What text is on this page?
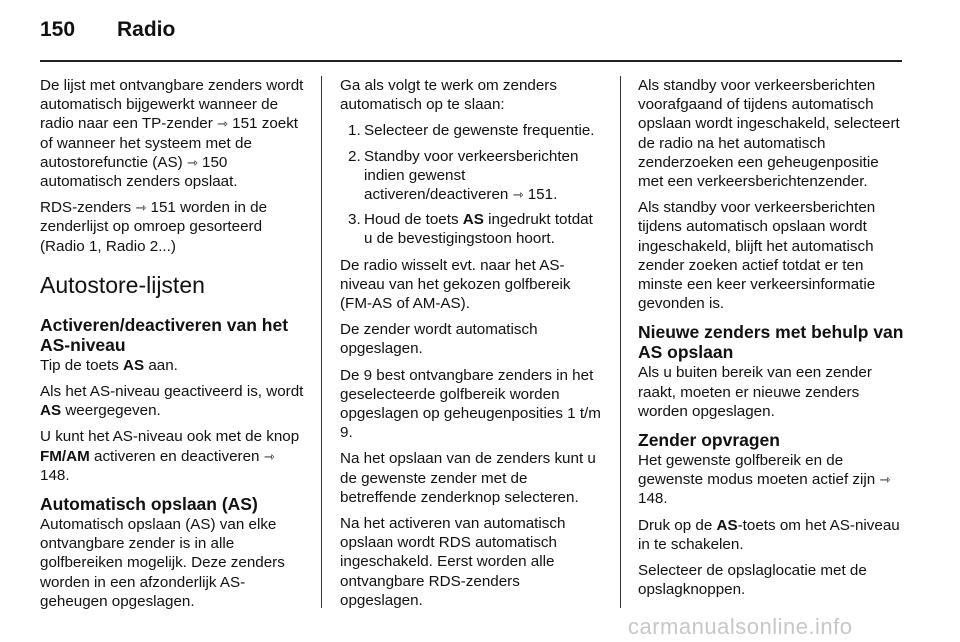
150 Radio

De lijst met ontvangbare zenders wordt automatisch bijgewerkt wanneer de radio naar een TP-zender ⇾ 151 zoekt of wanneer het systeem met de autostorefunctie (AS) ⇾ 150 automatisch zenders opslaat.

RDS-zenders ⇾ 151 worden in de zenderlijst op omroep gesorteerd (Radio 1, Radio 2...)

Autostore-lijsten
Activeren/deactiveren van het AS-niveau

Tip de toets AS aan.

Als het AS-niveau geactiveerd is, wordt AS weergegeven.

U kunt het AS-niveau ook met de knop FM/AM activeren en deactiveren ⇾ 148.

Automatisch opslaan (AS)

Automatisch opslaan (AS) van elke ontvangbare zender is in alle golfbereiken mogelijk. Deze zenders worden in een afzonderlijk AS-geheugen opgeslagen.

Ga als volgt te werk om zenders automatisch op te slaan:

1. Selecteer de gewenste frequentie.
2. Standby voor verkeersberichten indien gewenst activeren/deactiveren ⇾ 151.
3. Houd de toets AS ingedrukt totdat u de bevestigingstoon hoort.

De radio wisselt evt. naar het AS-niveau van het gekozen golfbereik (FM-AS of AM-AS).

De zender wordt automatisch opgeslagen.

De 9 best ontvangbare zenders in het geselecteerde golfbereik worden opgeslagen op geheugenposities 1 t/m 9.

Na het opslaan van de zenders kunt u de gewenste zender met de betreffende zenderknop selecteren.

Na het activeren van automatisch opslaan wordt RDS automatisch ingeschakeld. Eerst worden alle ontvangbare RDS-zenders opgeslagen.

Als standby voor verkeersberichten voorafgaand of tijdens automatisch opslaan wordt ingeschakeld, selecteert de radio na het automatisch zenderzoeken een geheugenpositie met een verkeersberichtenzender.

Als standby voor verkeersberichten tijdens automatisch opslaan wordt ingeschakeld, blijft het automatisch zender zoeken actief totdat er ten minste een keer verkeersinformatie gevonden is.

Nieuwe zenders met behulp van AS opslaan

Als u buiten bereik van een zender raakt, moeten er nieuwe zenders worden opgeslagen.

Zender opvragen

Het gewenste golfbereik en de gewenste modus moeten actief zijn ⇾ 148.

Druk op de AS-toets om het AS-niveau in te schakelen.

Selecteer de opslaglocatie met de opslagknoppen.

carmanualsonline.info
